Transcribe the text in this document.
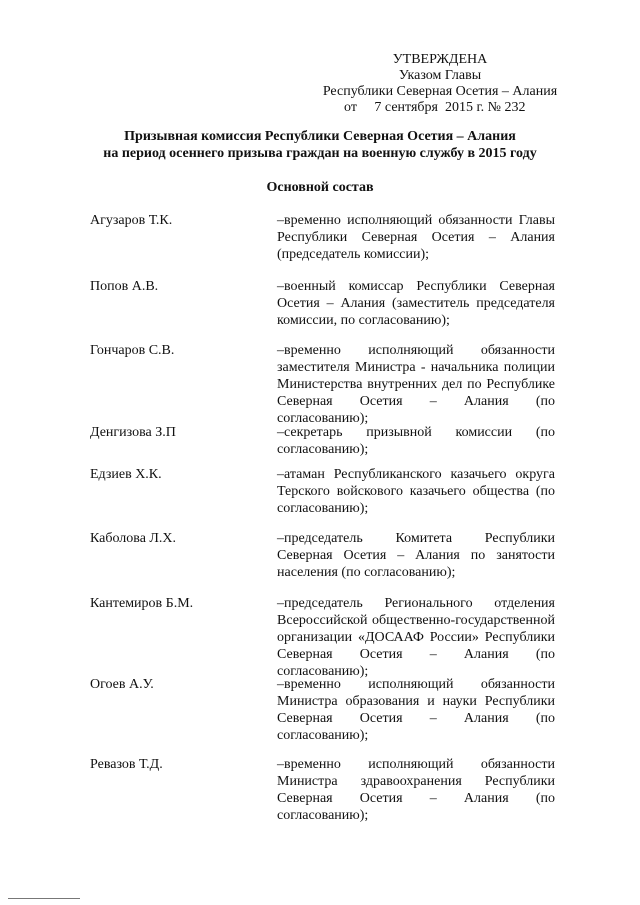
УТВЕРЖДЕНА
Указом Главы
Республики Северная Осетия – Алания
от     7 сентября  2015 г. № 232
Призывная комиссия Республики Северная Осетия – Алания
на период осеннего призыва граждан на военную службу в 2015 году
Основной состав
Агузаров Т.К.	–временно исполняющий обязанности Главы Республики Северная Осетия – Алания (председатель комиссии);
Попов А.В.	–военный комиссар Республики Северная Осетия – Алания (заместитель председателя комиссии, по согласованию);
Гончаров С.В.	–временно исполняющий обязанности заместителя Министра - начальника полиции Министерства внутренних дел по Республике Северная Осетия – Алания (по согласованию);
Денгизова З.П	–секретарь призывной комиссии (по согласованию);
Едзиев Х.К.	–атаман Республиканского казачьего округа Терского войскового казачьего общества (по согласованию);
Каболова Л.Х.	–председатель Комитета Республики Северная Осетия – Алания по занятости населения (по согласованию);
Кантемиров Б.М.	–председатель Регионального отделения Всероссийской общественно-государственной организации «ДОСААФ России» Республики Северная Осетия – Алания (по согласованию);
Огоев А.У.	–временно исполняющий обязанности Министра образования и науки Республики Северная Осетия – Алания (по согласованию);
Ревазов Т.Д.	–временно исполняющий обязанности Министра здравоохранения Республики Северная Осетия – Алания (по согласованию);
